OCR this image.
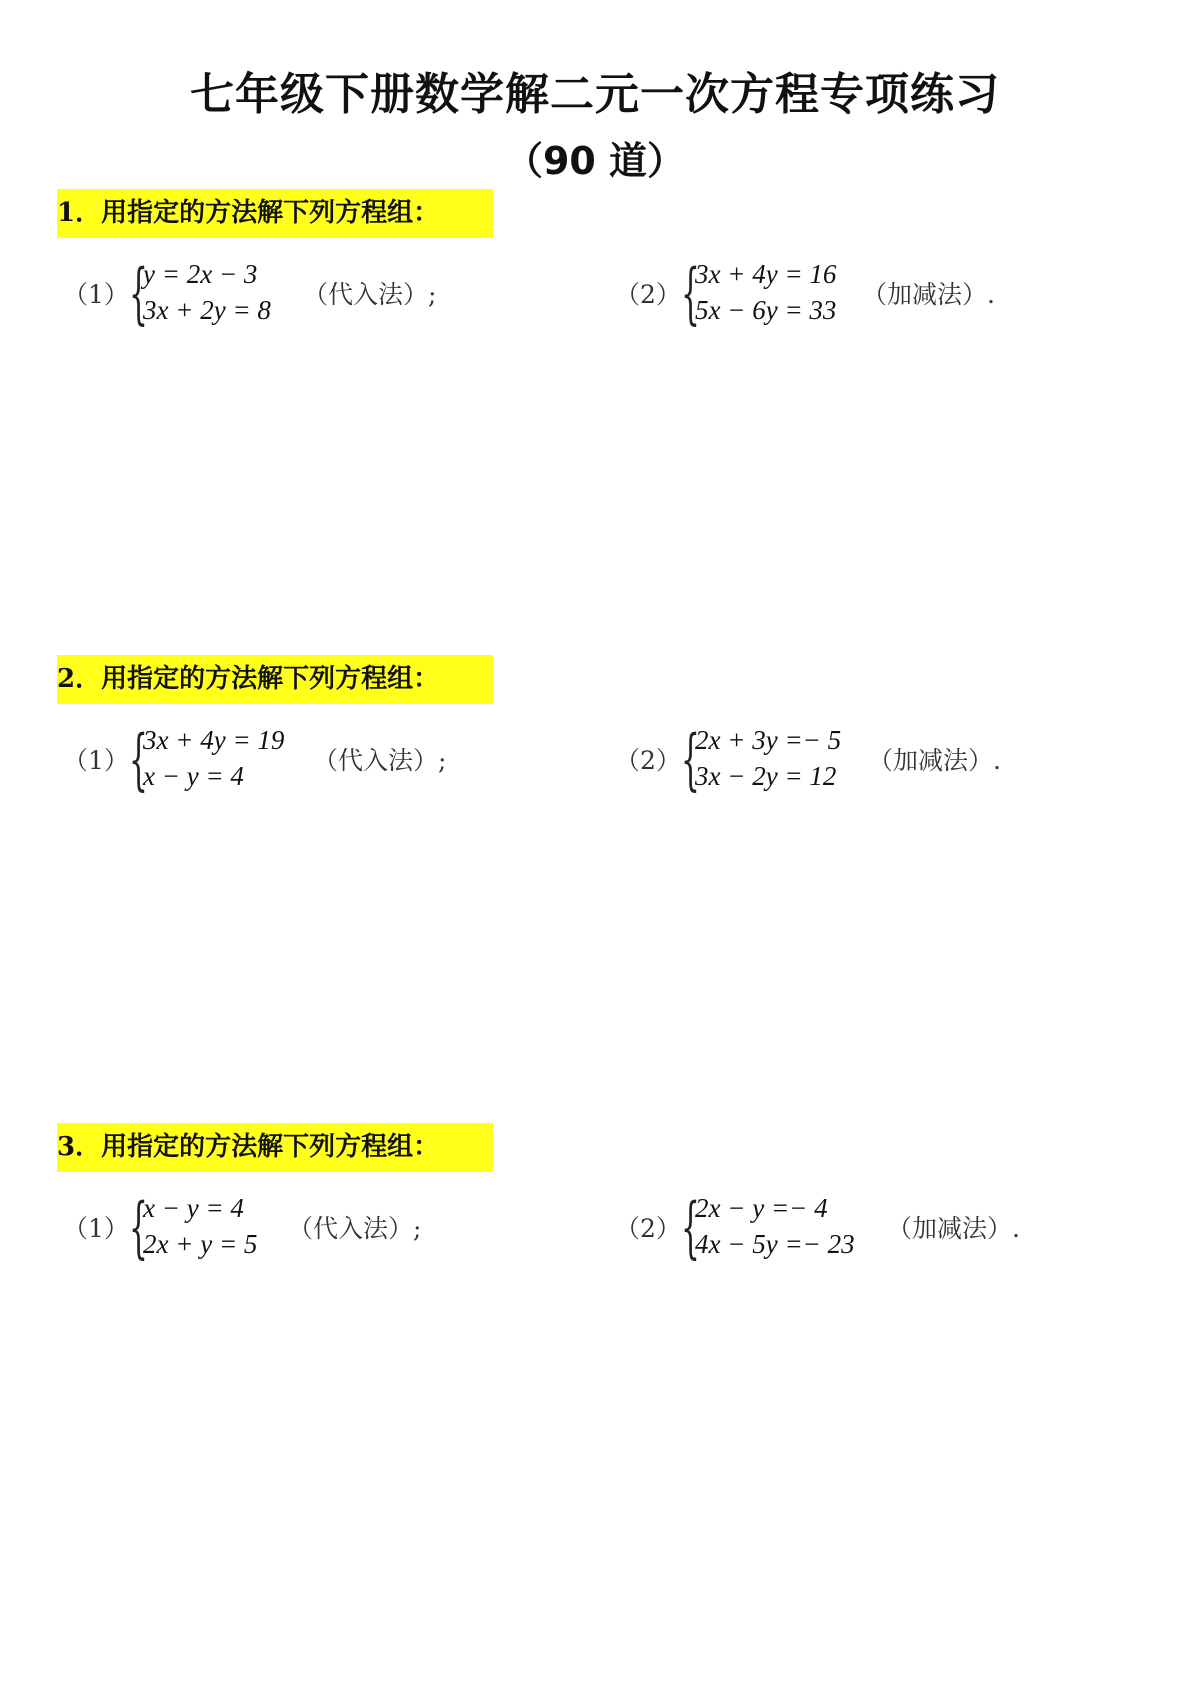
七年级下册数学解二元一次方程专项练习
（90 道）
1．用指定的方法解下列方程组：
（1） {
y = 2x − 3
3x + 2y = 8
（代入法）;	（2） {
3x + 4y = 16
5x − 6y = 33
（加减法）.
2．用指定的方法解下列方程组：
（1） {
3x + 4y = 19
x − y = 4
（代入法）;	（2） {
2x + 3y =− 5
3x − 2y = 12
（加减法）.
3．用指定的方法解下列方程组：
（1） {
x − y = 4
2x + y = 5
（代入法）;	（2） {
2x − y =− 4
4x − 5y =− 23
（加减法）.
